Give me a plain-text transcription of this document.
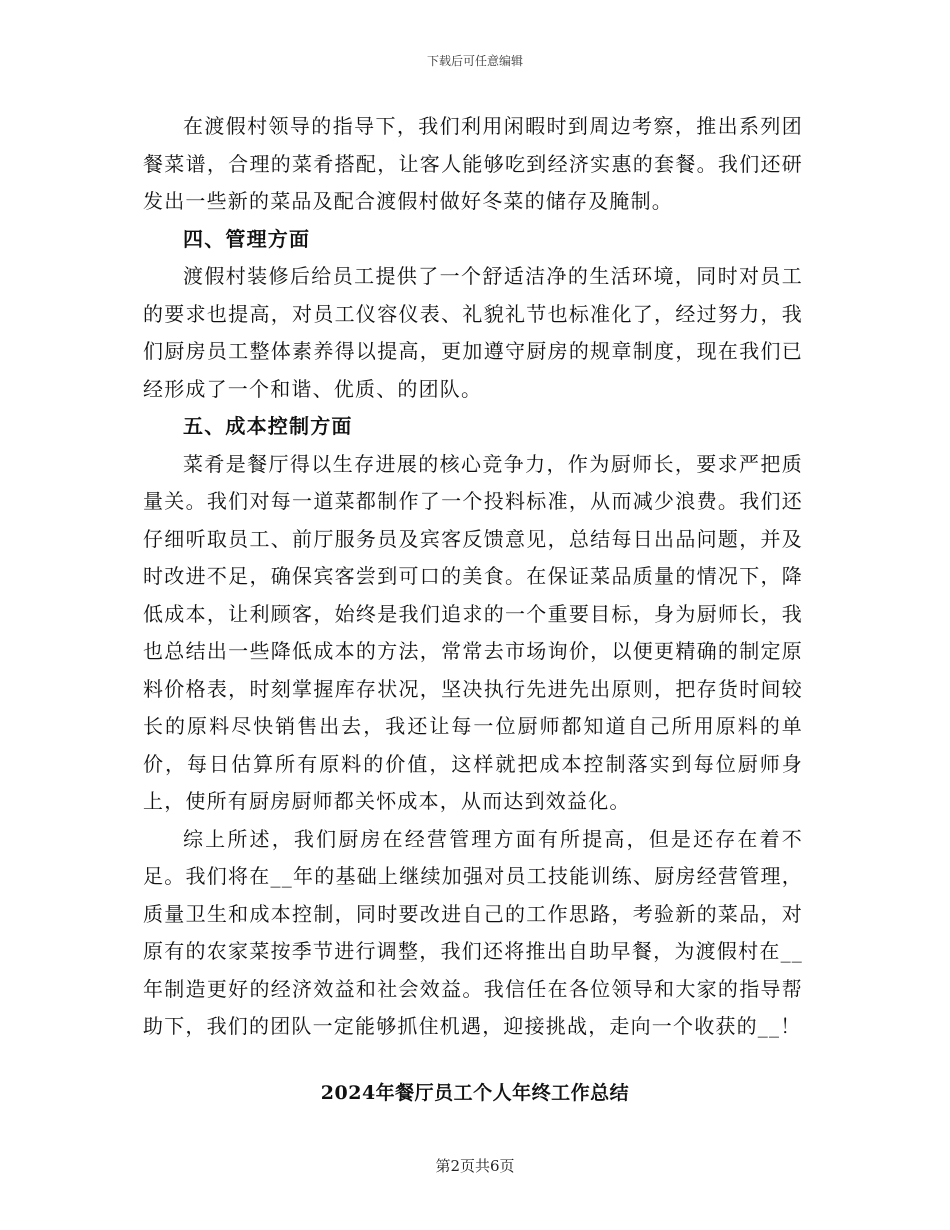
下载后可任意编辑

在渡假村领导的指导下，我们利用闲暇时到周边考察，推出系列团餐菜谱，合理的菜肴搭配，让客人能够吃到经济实惠的套餐。我们还研发出一些新的菜品及配合渡假村做好冬菜的储存及腌制。

四、管理方面

渡假村装修后给员工提供了一个舒适洁净的生活环境，同时对员工的要求也提高，对员工仪容仪表、礼貌礼节也标准化了，经过努力，我们厨房员工整体素养得以提高，更加遵守厨房的规章制度，现在我们已经形成了一个和谐、优质、的团队。

五、成本控制方面

菜肴是餐厅得以生存进展的核心竞争力，作为厨师长，要求严把质量关。我们对每一道菜都制作了一个投料标准，从而减少浪费。我们还仔细听取员工、前厅服务员及宾客反馈意见，总结每日出品问题，并及时改进不足，确保宾客尝到可口的美食。在保证菜品质量的情况下，降低成本，让利顾客，始终是我们追求的一个重要目标，身为厨师长，我也总结出一些降低成本的方法，常常去市场询价，以便更精确的制定原料价格表，时刻掌握库存状况，坚决执行先进先出原则，把存货时间较长的原料尽快销售出去，我还让每一位厨师都知道自己所用原料的单价，每日估算所有原料的价值，这样就把成本控制落实到每位厨师身上，使所有厨房厨师都关怀成本，从而达到效益化。

综上所述，我们厨房在经营管理方面有所提高，但是还存在着不足。我们将在__年的基础上继续加强对员工技能训练、厨房经营管理，质量卫生和成本控制，同时要改进自己的工作思路，考验新的菜品，对原有的农家菜按季节进行调整，我们还将推出自助早餐，为渡假村在__年制造更好的经济效益和社会效益。我信任在各位领导和大家的指导帮助下，我们的团队一定能够抓住机遇，迎接挑战，走向一个收获的__！

2024年餐厅员工个人年终工作总结
第2页共6页
